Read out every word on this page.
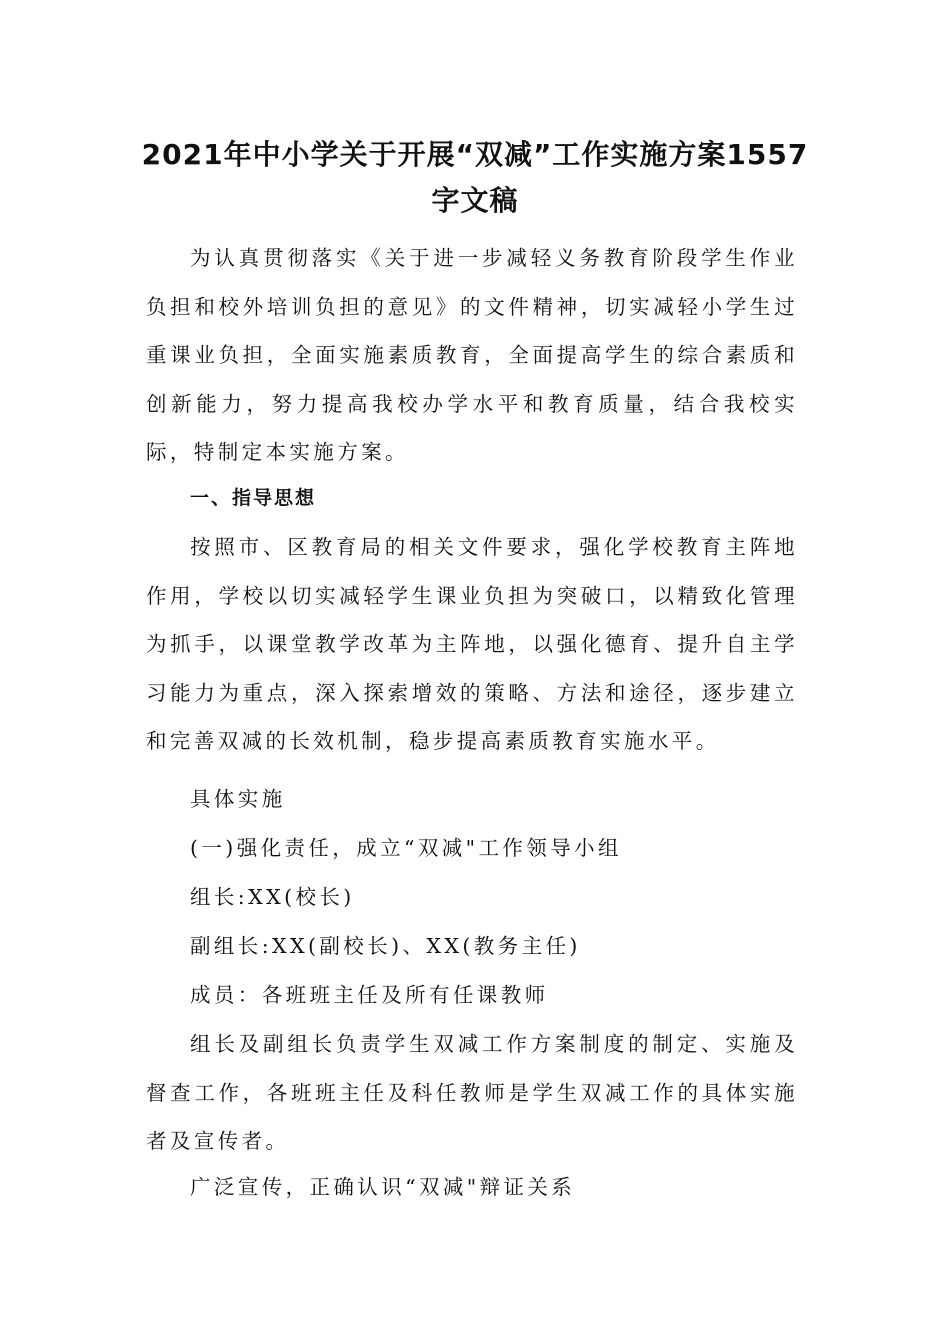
2021年中小学关于开展“双减”工作实施方案1557
字文稿

为认真贯彻落实《关于进一步减轻义务教育阶段学生作业负担和校外培训负担的意见》的文件精神，切实减轻小学生过重课业负担，全面实施素质教育，全面提高学生的综合素质和创新能力，努力提高我校办学水平和教育质量，结合我校实际，特制定本实施方案。

一、指导思想

按照市、区教育局的相关文件要求，强化学校教育主阵地作用，学校以切实减轻学生课业负担为突破口，以精致化管理为抓手，以课堂教学改革为主阵地，以强化德育、提升自主学习能力为重点，深入探索增效的策略、方法和途径，逐步建立和完善双减的长效机制，稳步提高素质教育实施水平。

具体实施

(一)强化责任，成立“双减"工作领导小组

组长:XX(校长)

副组长:XX(副校长)、XX(教务主任)

成员：各班班主任及所有任课教师

组长及副组长负责学生双减工作方案制度的制定、实施及督查工作，各班班主任及科任教师是学生双减工作的具体实施者及宣传者。

广泛宣传，正确认识“双减"辩证关系
